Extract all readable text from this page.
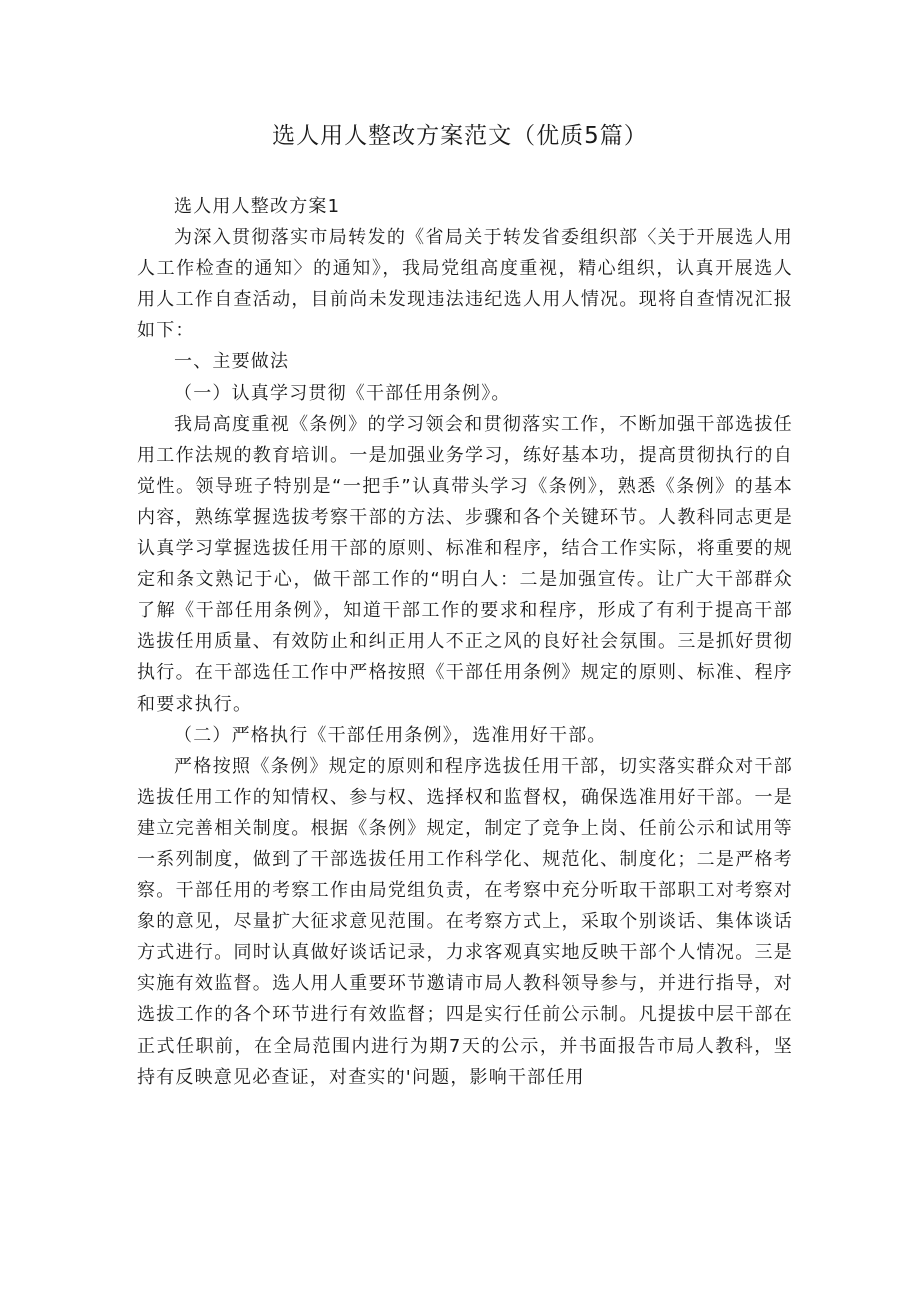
选人用人整改方案范文（优质5篇）

选人用人整改方案1

为深入贯彻落实市局转发的《省局关于转发省委组织部〈关于开展选人用人工作检查的通知〉的通知》，我局党组高度重视，精心组织，认真开展选人用人工作自查活动，目前尚未发现违法违纪选人用人情况。现将自查情况汇报如下：

一、主要做法

（一）认真学习贯彻《干部任用条例》。

我局高度重视《条例》的学习领会和贯彻落实工作，不断加强干部选拔任用工作法规的教育培训。一是加强业务学习，练好基本功，提高贯彻执行的自觉性。领导班子特别是“一把手”认真带头学习《条例》，熟悉《条例》的基本内容，熟练掌握选拔考察干部的方法、步骤和各个关键环节。人教科同志更是认真学习掌握选拔任用干部的原则、标准和程序，结合工作实际，将重要的规定和条文熟记于心，做干部工作的“明白人：二是加强宣传。让广大干部群众了解《干部任用条例》，知道干部工作的要求和程序，形成了有利于提高干部选拔任用质量、有效防止和纠正用人不正之风的良好社会氛围。三是抓好贯彻执行。在干部选任工作中严格按照《干部任用条例》规定的原则、标准、程序和要求执行。

（二）严格执行《干部任用条例》，选准用好干部。

严格按照《条例》规定的原则和程序选拔任用干部，切实落实群众对干部选拔任用工作的知情权、参与权、选择权和监督权，确保选准用好干部。一是建立完善相关制度。根据《条例》规定，制定了竞争上岗、任前公示和试用等一系列制度，做到了干部选拔任用工作科学化、规范化、制度化；二是严格考察。干部任用的考察工作由局党组负责，在考察中充分听取干部职工对考察对象的意见，尽量扩大征求意见范围。在考察方式上，采取个别谈话、集体谈话方式进行。同时认真做好谈话记录，力求客观真实地反映干部个人情况。三是实施有效监督。选人用人重要环节邀请市局人教科领导参与，并进行指导，对选拔工作的各个环节进行有效监督；四是实行任前公示制。凡提拔中层干部在正式任职前，在全局范围内进行为期7天的公示，并书面报告市局人教科，坚持有反映意见必查证，对查实的'问题，影响干部任用
